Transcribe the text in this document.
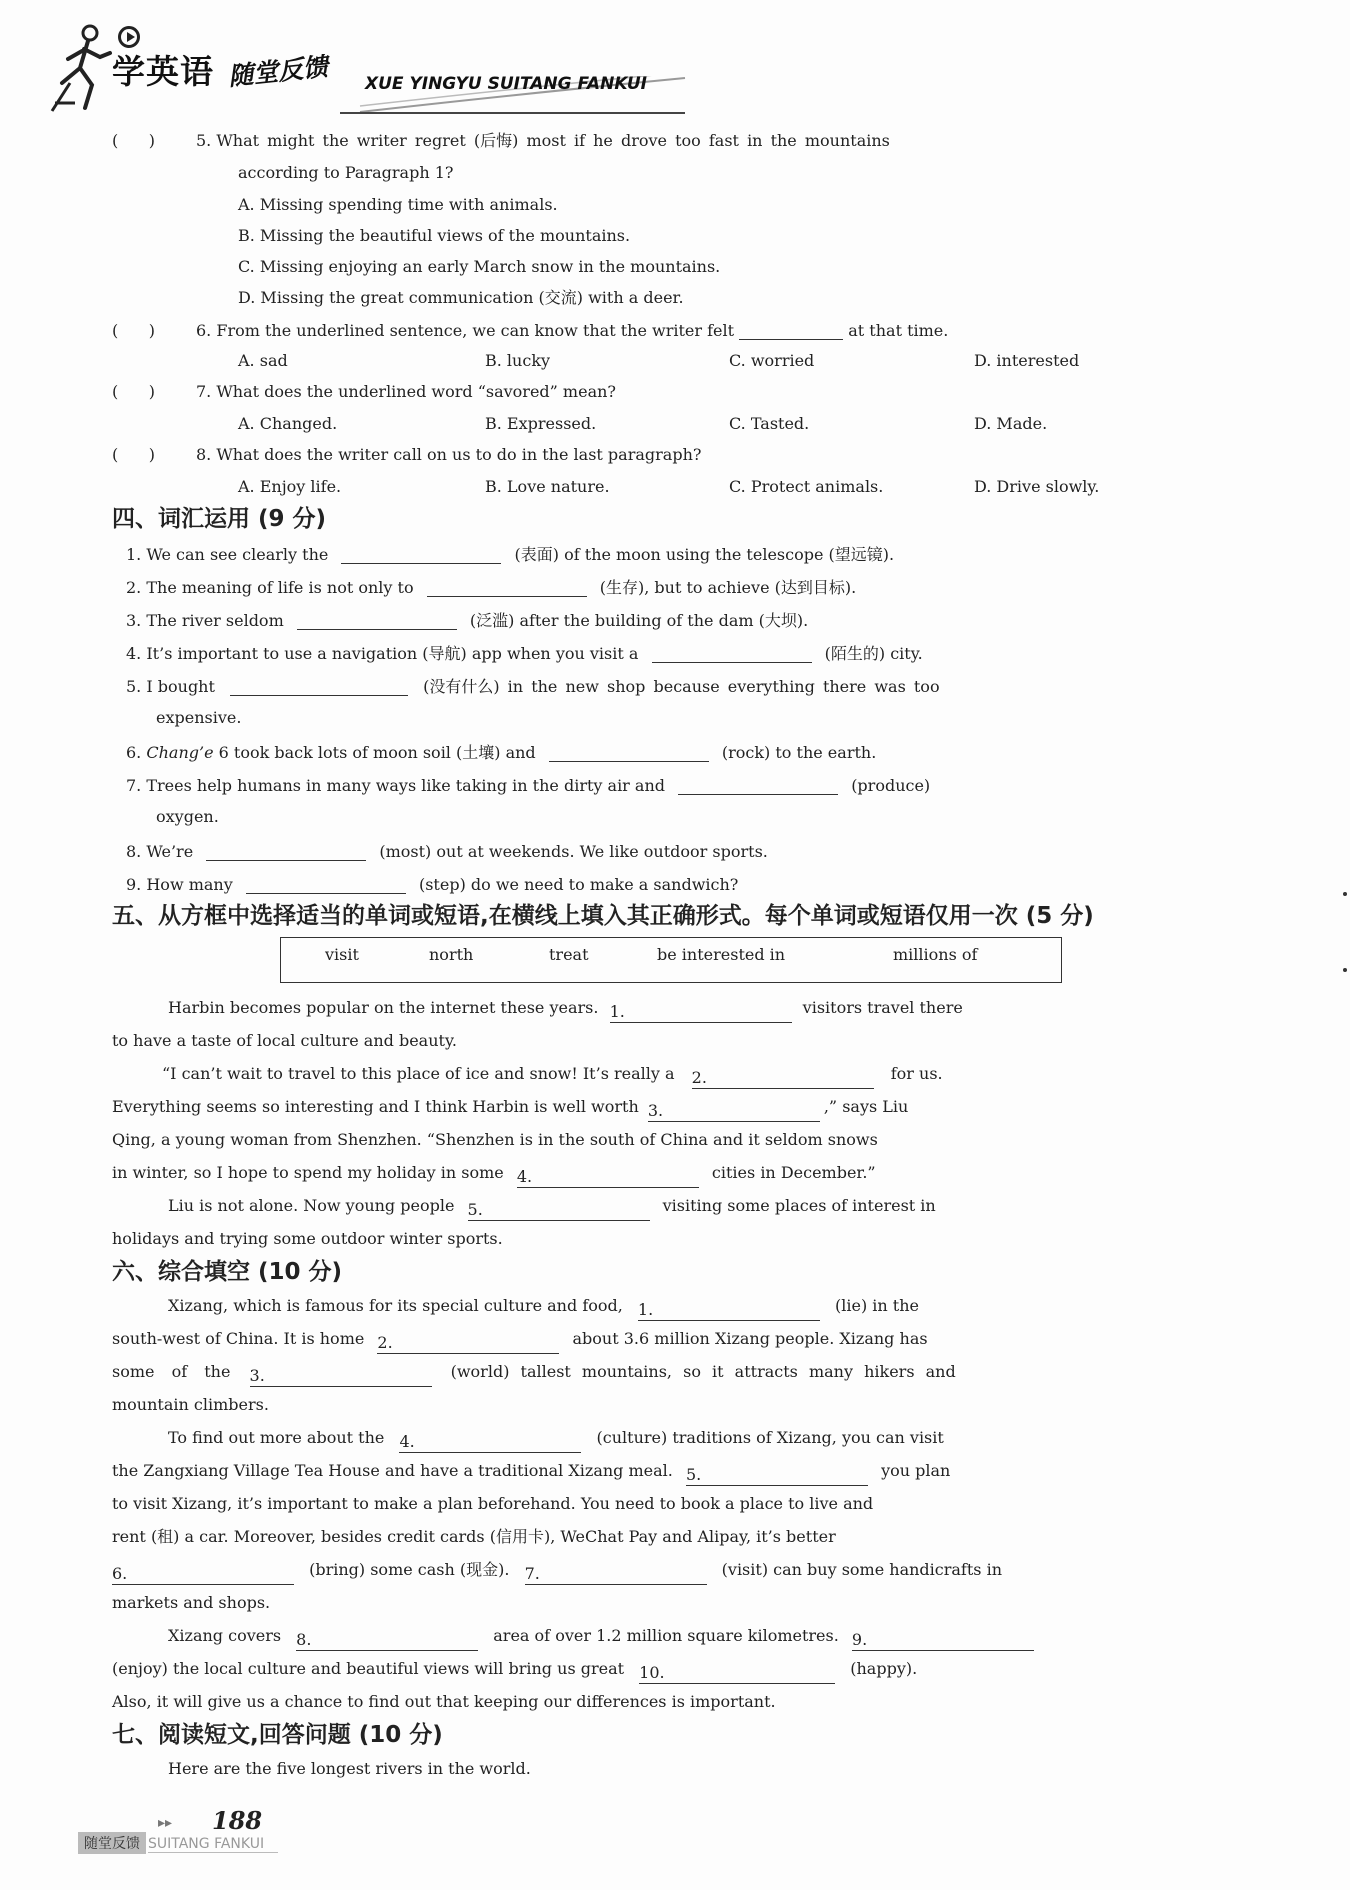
学英语 随堂反馈 XUE YINGYU SUITANG FANKUI
(      )	5. What might the writer regret (后悔) most if he drove too fast in the mountains
according to Paragraph 1?
A. Missing spending time with animals.
B. Missing the beautiful views of the mountains.
C. Missing enjoying an early March snow in the mountains.
D. Missing the great communication (交流) with a deer.
(      )	6. From the underlined sentence, we can know that the writer felt	at that time.
A. sad	B. lucky	C. worried	D. interested
(      )	7. What does the underlined word “savored” mean?
A. Changed.	B. Expressed.	C. Tasted.	D. Made.
(      )	8. What does the writer call on us to do in the last paragraph?
A. Enjoy life.	B. Love nature.	C. Protect animals.	D. Drive slowly.
四、词汇运用 (9 分)
1. We can see clearly the	(表面) of the moon using the telescope (望远镜).
2. The meaning of life is not only to	(生存), but to achieve (达到目标).
3. The river seldom	(泛滥) after the building of the dam (大坝).
4. It’s important to use a navigation (导航) app when you visit a	(陌生的) city.
5. I bought	(没有什么) in the new shop because everything there was too
expensive.
6. Chang’e 6 took back lots of moon soil (土壤) and	(rock) to the earth.
7. Trees help humans in many ways like taking in the dirty air and	(produce)
oxygen.
8. We’re	(most) out at weekends. We like outdoor sports.
9. How many	(step) do we need to make a sandwich?
五、从方框中选择适当的单词或短语,在横线上填入其正确形式。每个单词或短语仅用一次 (5 分)
visit	north	treat	be interested in	millions of
Harbin becomes popular on the internet these years. 1.	visitors travel there
to have a taste of local culture and beauty.
“I can’t wait to travel to this place of ice and snow! It’s really a 2.	for us.
Everything seems so interesting and I think Harbin is well worth 3.	,” says Liu
Qing, a young woman from Shenzhen. “Shenzhen is in the south of China and it seldom snows
in winter, so I hope to spend my holiday in some 4.	cities in December.”
Liu is not alone. Now young people 5.	visiting some places of interest in
holidays and trying some outdoor winter sports.
六、综合填空 (10 分)
Xizang, which is famous for its special culture and food, 1.	(lie) in the
south-west of China. It is home 2.	about 3.6 million Xizang people. Xizang has
some of the 3.	(world) tallest mountains, so it attracts many hikers and
mountain climbers.
To find out more about the 4.	(culture) traditions of Xizang, you can visit
the Zangxiang Village Tea House and have a traditional Xizang meal. 5.	you plan
to visit Xizang, it’s important to make a plan beforehand. You need to book a place to live and
rent (租) a car. Moreover, besides credit cards (信用卡), WeChat Pay and Alipay, it’s better
6.	(bring) some cash (现金). 7.	(visit) can buy some handicrafts in
markets and shops.
Xizang covers 8.	area of over 1.2 million square kilometres. 9.
(enjoy) the local culture and beautiful views will bring us great 10.	(happy).
Also, it will give us a chance to find out that keeping our differences is important.
七、阅读短文,回答问题 (10 分)
Here are the five longest rivers in the world.
▸▸ 188
随堂反馈 SUITANG FANKUI
